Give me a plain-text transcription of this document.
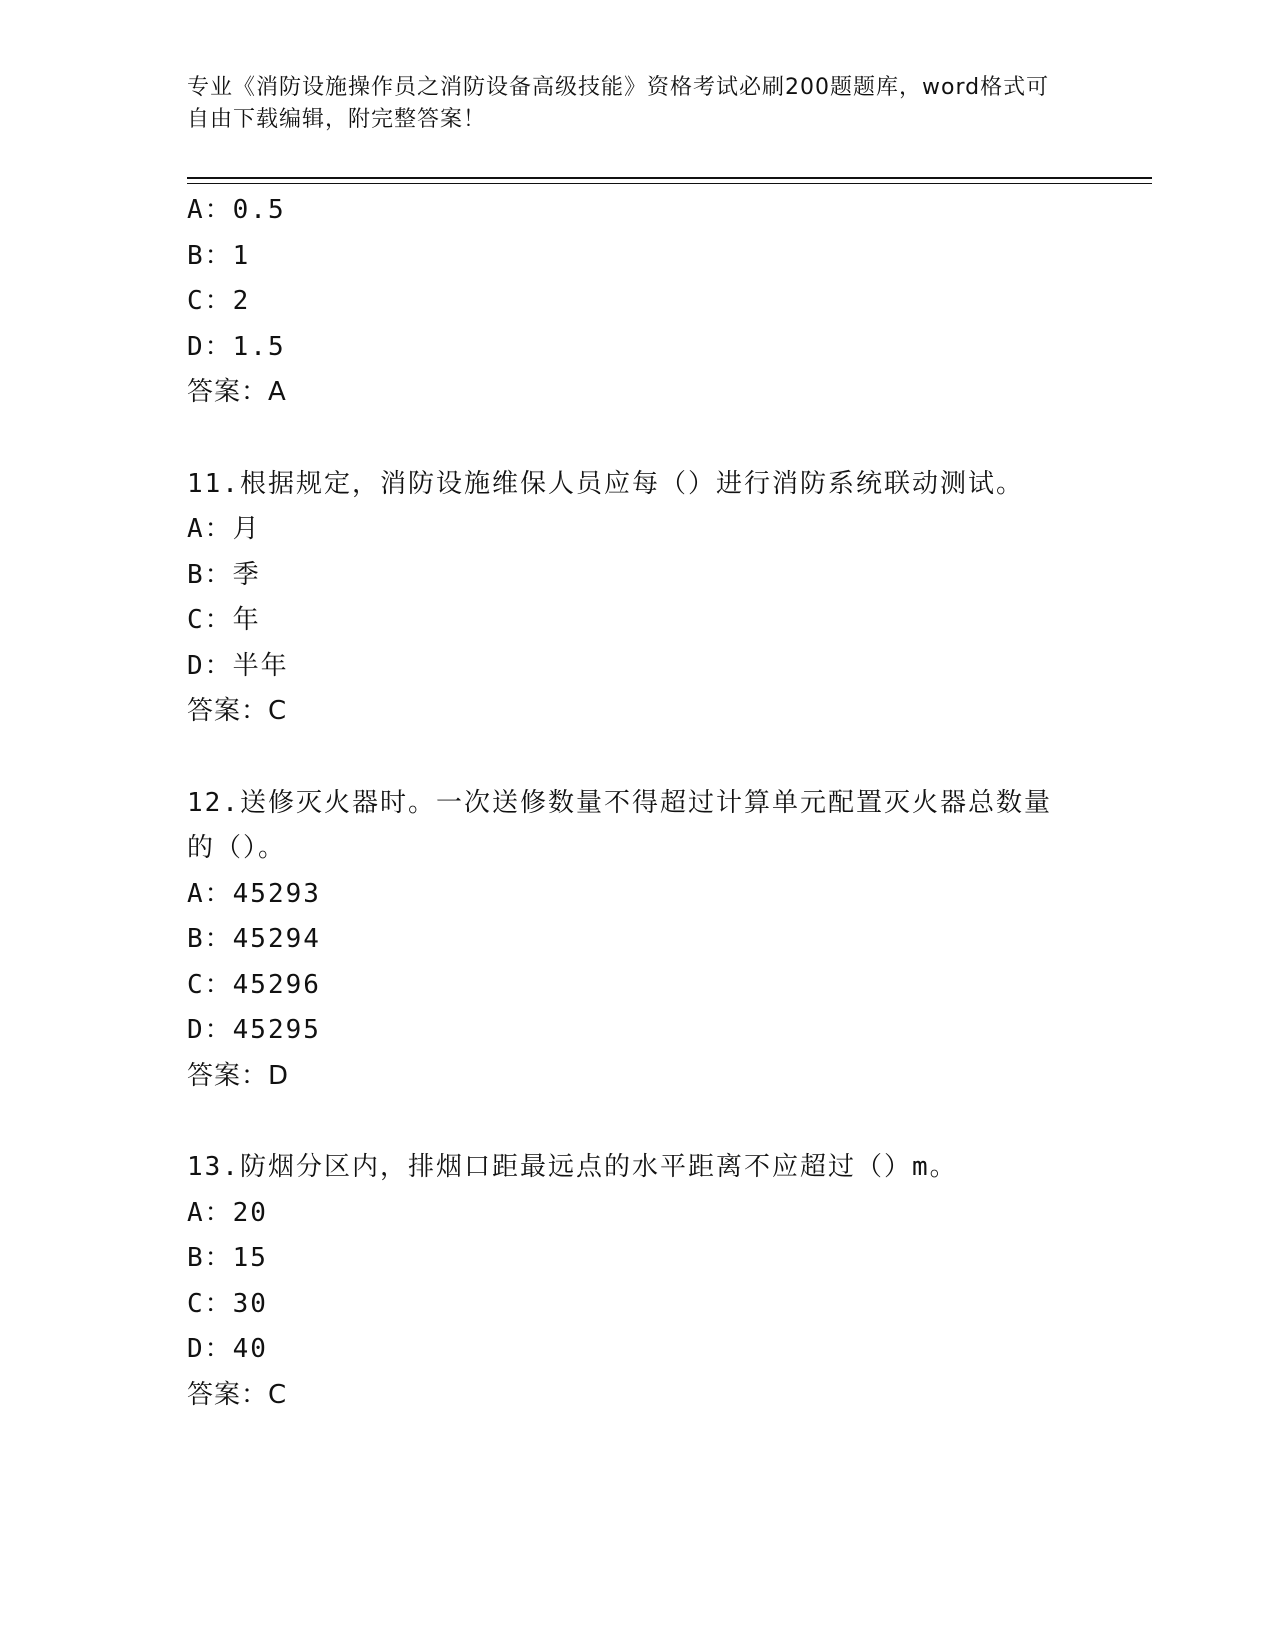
专业《消防设施操作员之消防设备高级技能》资格考试必刷200题题库，word格式可自由下载编辑，附完整答案！
A：0.5
B：1
C：2
D：1.5
答案：A
11.根据规定，消防设施维保人员应每（）进行消防系统联动测试。
A：月
B：季
C：年
D：半年
答案：C
12.送修灭火器时。一次送修数量不得超过计算单元配置灭火器总数量的（）。
A：45293
B：45294
C：45296
D：45295
答案：D
13.防烟分区内，排烟口距最远点的水平距离不应超过（）m。
A：20
B：15
C：30
D：40
答案：C
